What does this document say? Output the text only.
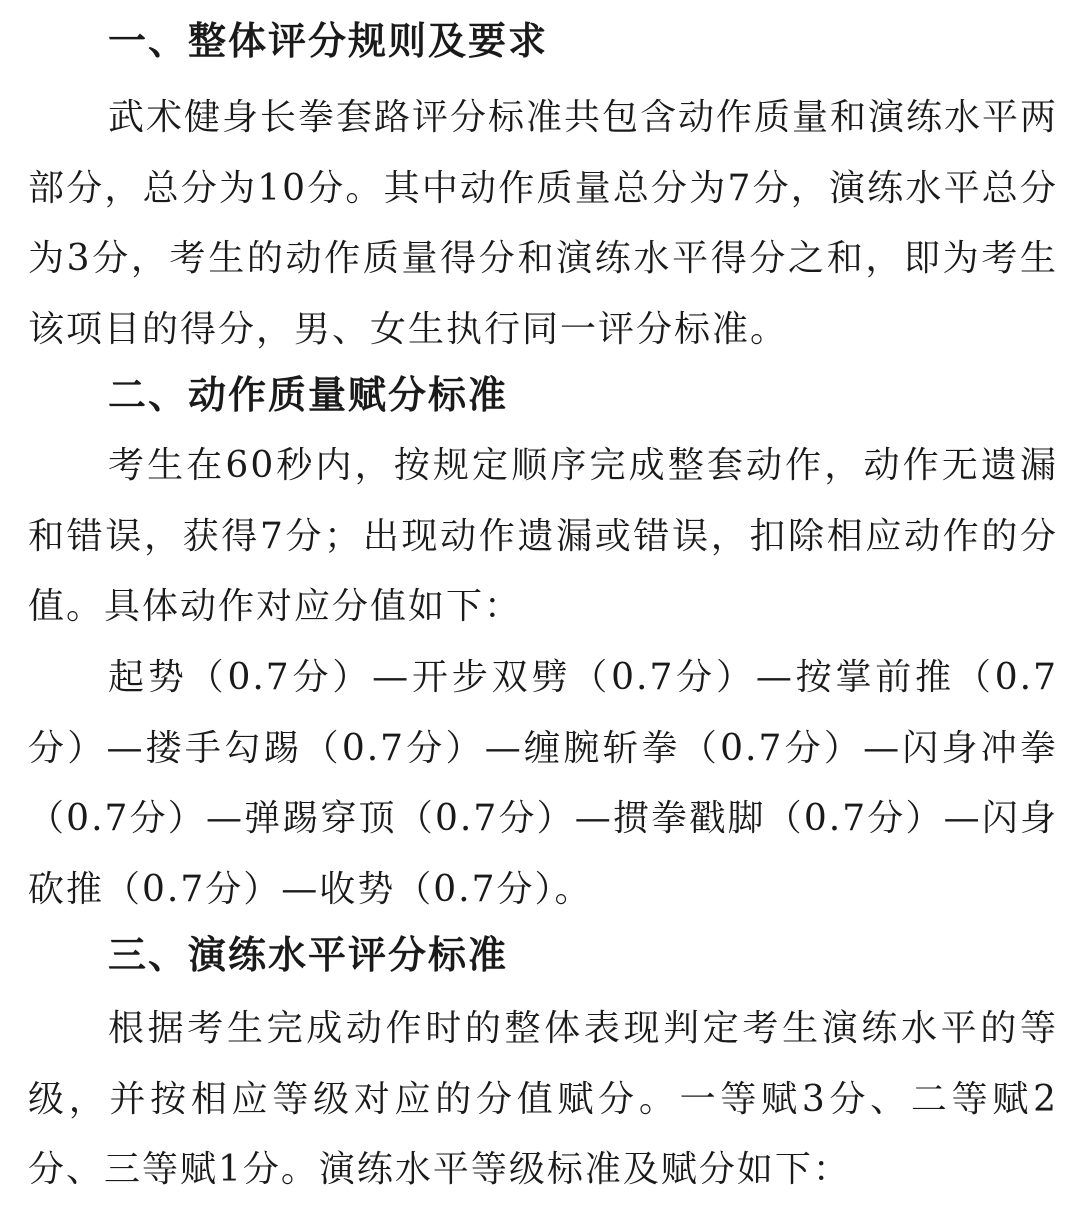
一、整体评分规则及要求

武术健身长拳套路评分标准共包含动作质量和演练水平两部分，总分为10分。其中动作质量总分为7分，演练水平总分为3分，考生的动作质量得分和演练水平得分之和，即为考生该项目的得分，男、女生执行同一评分标准。

二、动作质量赋分标准

考生在60秒内，按规定顺序完成整套动作，动作无遗漏和错误，获得7分；出现动作遗漏或错误，扣除相应动作的分值。具体动作对应分值如下：

起势（0.7分）—开步双劈（0.7分）—按掌前推（0.7分）—搂手勾踢（0.7分）—缠腕斩拳（0.7分）—闪身冲拳（0.7分）—弹踢穿顶（0.7分）—掼拳戳脚（0.7分）—闪身砍推（0.7分）—收势（0.7分）。

三、演练水平评分标准

根据考生完成动作时的整体表现判定考生演练水平的等级，并按相应等级对应的分值赋分。一等赋3分、二等赋2分、三等赋1分。演练水平等级标准及赋分如下：
